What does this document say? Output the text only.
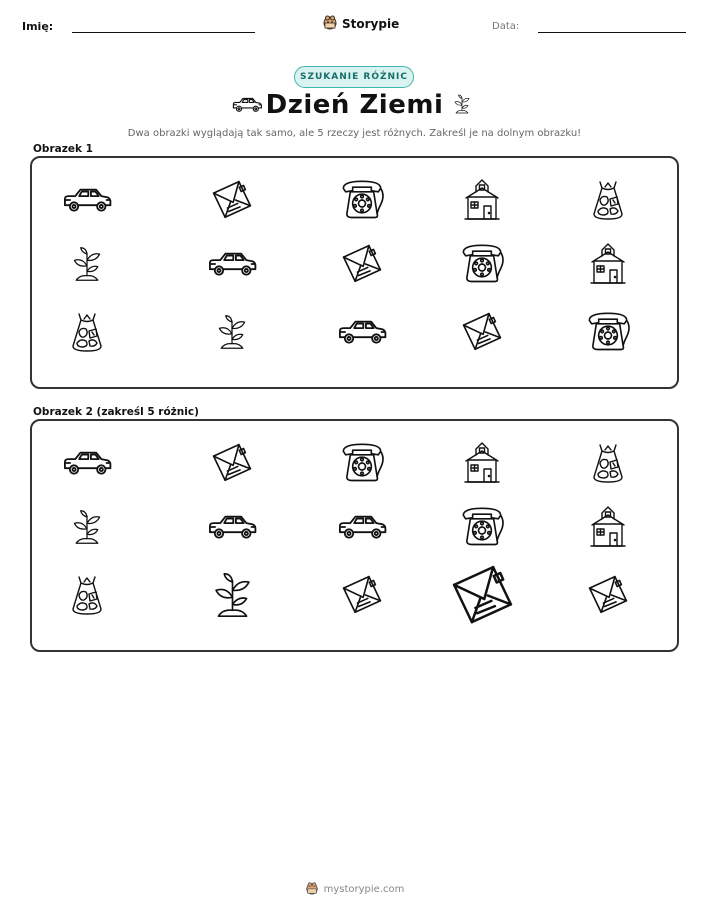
Imię:	Storypie	Data:
SZUKANIE RÓŻNIC
Dzień Ziemi
Dwa obrazki wyglądają tak samo, ale 5 rzeczy jest różnych. Zakreśl je na dolnym obrazku!
Obrazek 1
Obrazek 2 (zakreśl 5 różnic)
mystorypie.com
